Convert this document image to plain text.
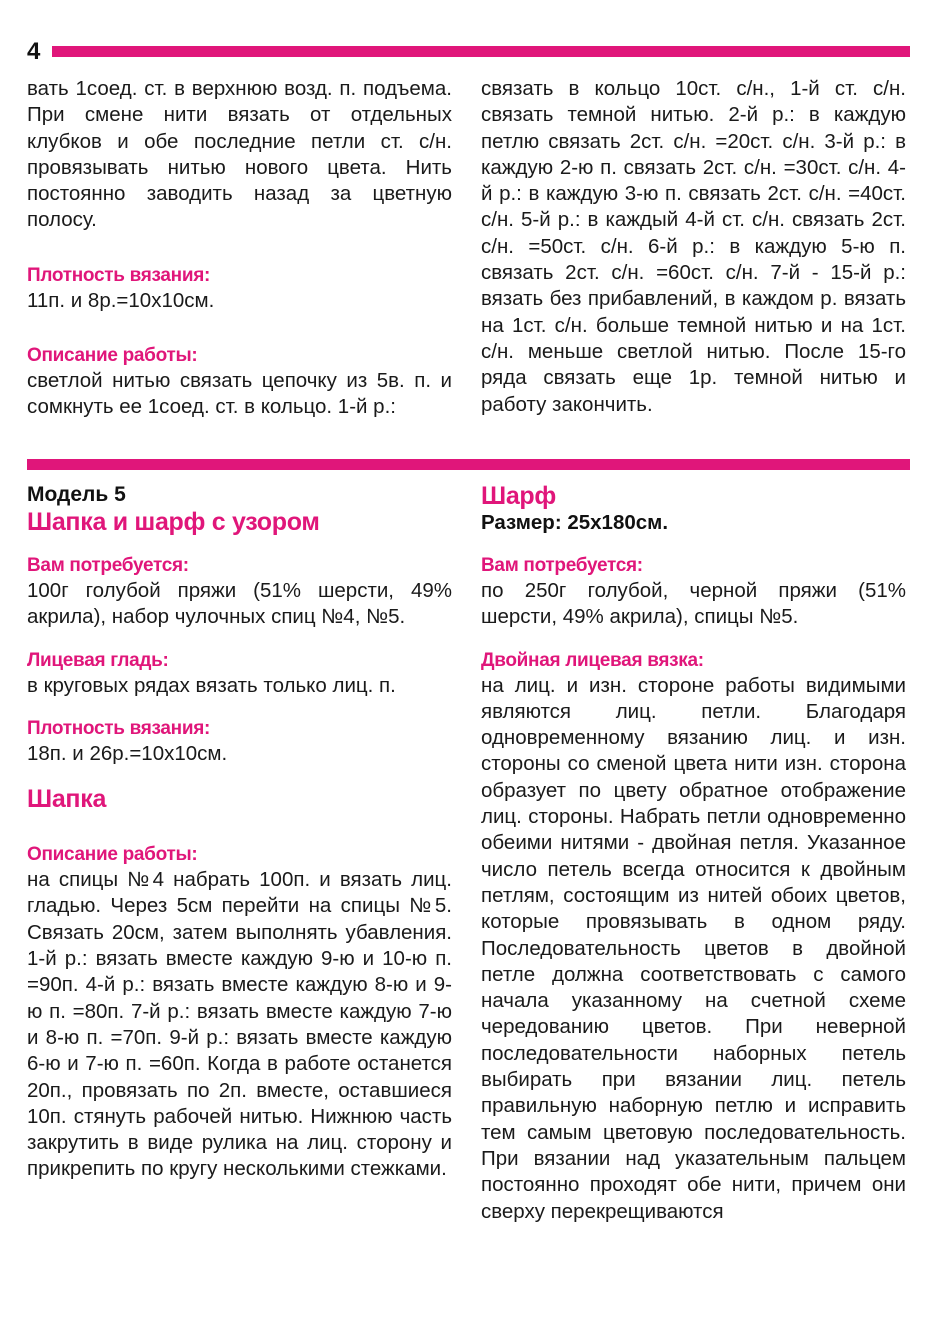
4

вать 1соед. ст. в верхнюю возд. п. подъема. При смене нити вязать от отдельных клубков и обе последние петли ст. с/н. провязывать нитью нового цвета. Нить постоянно заводить назад за цветную полосу.

Плотность вязания:

11п. и 8р.=10х10см.

Описание работы:

светлой нитью связать цепочку из 5в. п. и сомкнуть ее 1соед. ст. в кольцо. 1-й р.:

связать в кольцо 10ст. с/н., 1-й ст. с/н. связать темной нитью. 2-й р.: в каждую петлю связать 2ст. с/н. =20ст. с/н. 3-й р.: в каждую 2-ю п. связать 2ст. с/н. =30ст. с/н. 4-й р.: в каждую 3-ю п. связать 2ст. с/н. =40ст. с/н. 5-й р.: в каждый 4-й ст. с/н. связать 2ст. с/н. =50ст. с/н. 6-й р.: в каждую 5-ю п. связать 2ст. с/н. =60ст. с/н. 7-й - 15-й р.: вязать без прибавлений, в каждом р. вязать на 1ст. с/н. больше темной нитью и на 1ст. с/н. меньше светлой нитью. После 15-го ряда связать еще 1р. темной нитью и работу закончить.

Модель 5

Шапка и шарф с узором

Вам потребуется:

100г голубой пряжи (51% шерсти, 49% акрила), набор чулочных спиц №4, №5.

Лицевая гладь:

в круговых рядах вязать только лиц. п.

Плотность вязания:

18п. и 26р.=10х10см.

Шапка

Описание работы:

на спицы №4 набрать 100п. и вязать лиц. гладью. Через 5см перейти на спицы №5. Связать 20см, затем выполнять убавления. 1-й р.: вязать вместе каждую 9-ю и 10-ю п. =90п. 4-й р.: вязать вместе каждую 8-ю и 9-ю п. =80п. 7-й р.: вязать вместе каждую 7-ю и 8-ю п. =70п. 9-й р.: вязать вместе каждую 6-ю и 7-ю п. =60п. Когда в работе останется 20п., провязать по 2п. вместе, оставшиеся 10п. стянуть рабочей нитью. Нижнюю часть закрутить в виде рулика на лиц. сторону и прикрепить по кругу несколькими стежками.

Шарф

Размер: 25х180см.

Вам потребуется:

по 250г голубой, черной пряжи (51% шерсти, 49% акрила), спицы №5.

Двойная лицевая вязка:

на лиц. и изн. стороне работы видимыми являются лиц. петли. Благодаря одновременному вязанию лиц. и изн. стороны со сменой цвета нити изн. сторона образует по цвету обратное отображение лиц. стороны. Набрать петли одновременно обеими нитями - двойная петля. Указанное число петель всегда относится к двойным петлям, состоящим из нитей обоих цветов, которые провязывать в одном ряду. Последовательность цветов в двойной петле должна соответствовать с самого начала указанному на счетной схеме чередованию цветов. При неверной последовательности наборных петель выбирать при вязании лиц. петель правильную наборную петлю и исправить тем самым цветовую последовательность. При вязании над указательным пальцем постоянно проходят обе нити, причем они сверху перекрещиваются
